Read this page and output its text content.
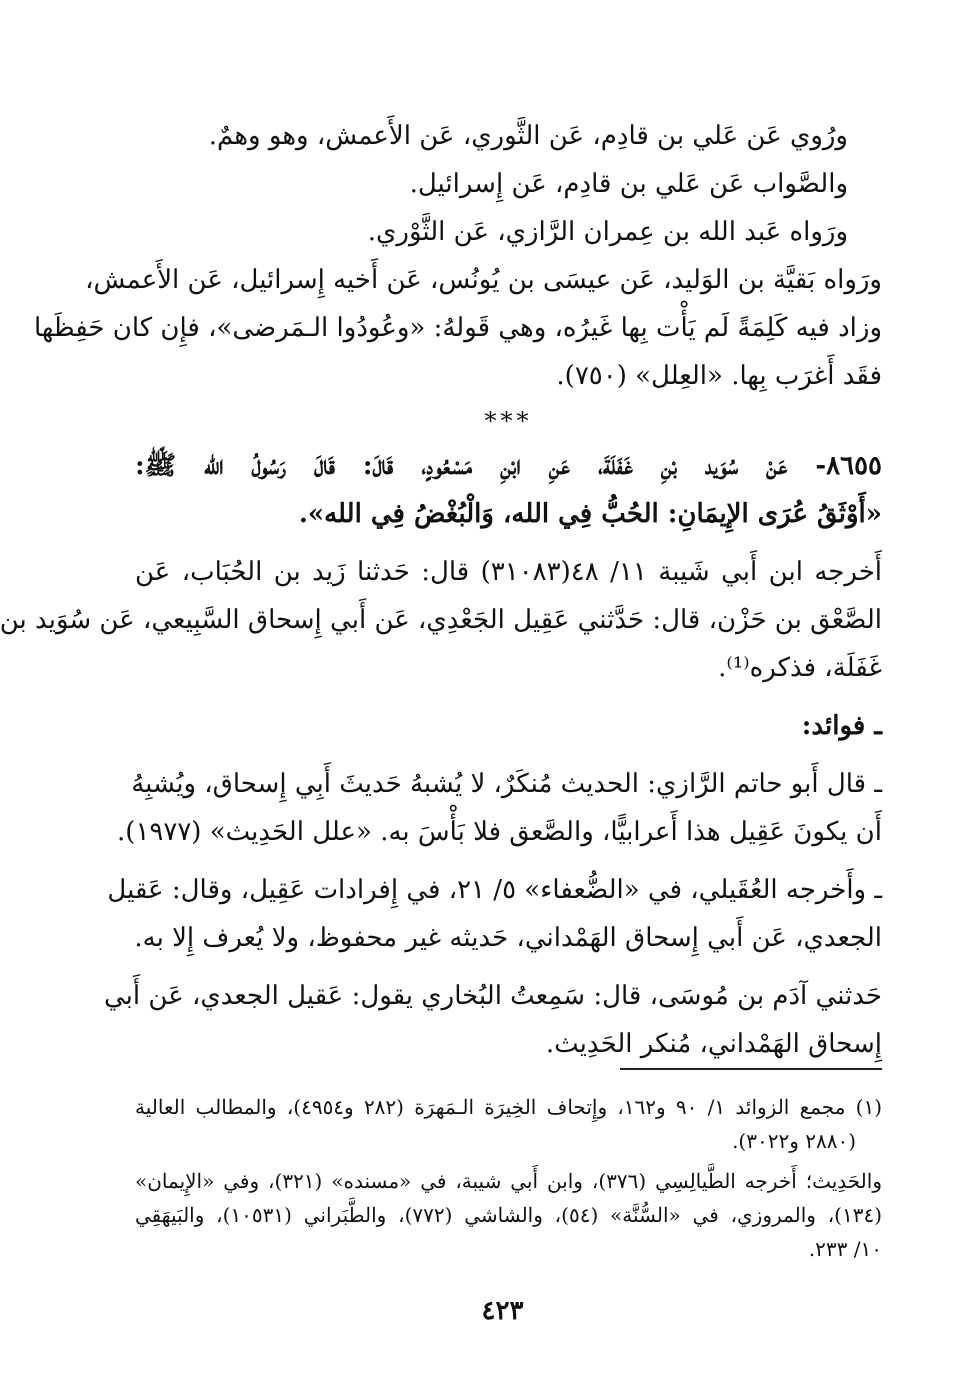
ورُوي عَن عَلي بن قادِم، عَن الثَّوري، عَن الأَعمش، وهو وهمٌ.
والصَّواب عَن عَلي بن قادِم، عَن إِسرائيل.
ورَواه عَبد الله بن عِمران الرَّازي، عَن الثَّوْري.
ورَواه بَقيَّة بن الوَليد، عَن عيسَى بن يُونُس، عَن أَخيه إِسرائيل، عَن الأَعمش،
وزاد فيه كَلِمَةً لَم يَأْت بِها غَيرُه، وهي قَولهُ: «وعُودُوا الـمَرضى»، فإِن كان حَفِظَها
فقَد أَغرَب بِها. «العِلل» (٧٥٠).
***
٨٦٥٥- عَنْ سُوَيد بْنِ غَفَلَةَ، عَنِ ابْنِ مَسْعُودٍ، قَالَ: قَالَ رَسُولُ الله ﷺ:
«أَوْثَقُ عُرَى الإِيمَانِ: الحُبُّ فِي الله، وَالْبُغْضُ فِي الله».
أَخرجه ابن أَبي شَيبة ١١/ ٤٨(٣١٠٨٣) قال: حَدثنا زَيد بن الحُبَاب، عَن
الصَّعْق بن حَزْن، قال: حَدَّثني عَقِيل الجَعْدِي، عَن أَبي إِسحاق السَّبِيعي، عَن سُوَيد بن
غَفَلَة، فذكره⁽¹⁾.
ـ فوائد:
ـ قال أَبو حاتم الرَّازي: الحديث مُنكَرٌ، لا يُشبهُ حَديثَ أَبِي إِسحاق، ويُشبِهُ
أَن يكونَ عَقِيل هذا أَعرابيًّا، والصَّعق فلا بَأْسَ به. «علل الحَدِيث» (١٩٧٧).
ـ وأَخرجه العُقَيلي، في «الضُّعفاء» ٥/ ٢١، في إِفرادات عَقِيل، وقال: عَقيل
الجعدي، عَن أَبي إِسحاق الهَمْداني، حَديثه غير محفوظ، ولا يُعرف إِلا به.
حَدثني آدَم بن مُوسَى، قال: سَمِعتُ البُخاري يقول: عَقيل الجعدي، عَن أَبي
إِسحاق الهَمْداني، مُنكر الحَدِيث.
(١) مجمع الزوائد ١/ ٩٠ و١٦٢، وإِتحاف الخِيرَة الـمَهرَة (٢٨٢ و٤٩٥٤)، والمطالب العالية
(٢٨٨٠ و٣٠٢٢).
والحَدِيث؛ أَخرجه الطَّيالِسِي (٣٧٦)، وابن أَبي شيبة، في «مسنده» (٣٢١)، وفي «الإِيمان»
(١٣٤)، والمروزي، في «السُّنَّة» (٥٤)، والشاشي (٧٧٢)، والطَّبَراني (١٠٥٣١)، والبَيهَقِي
١٠/ ٢٣٣.
٤٢٣
